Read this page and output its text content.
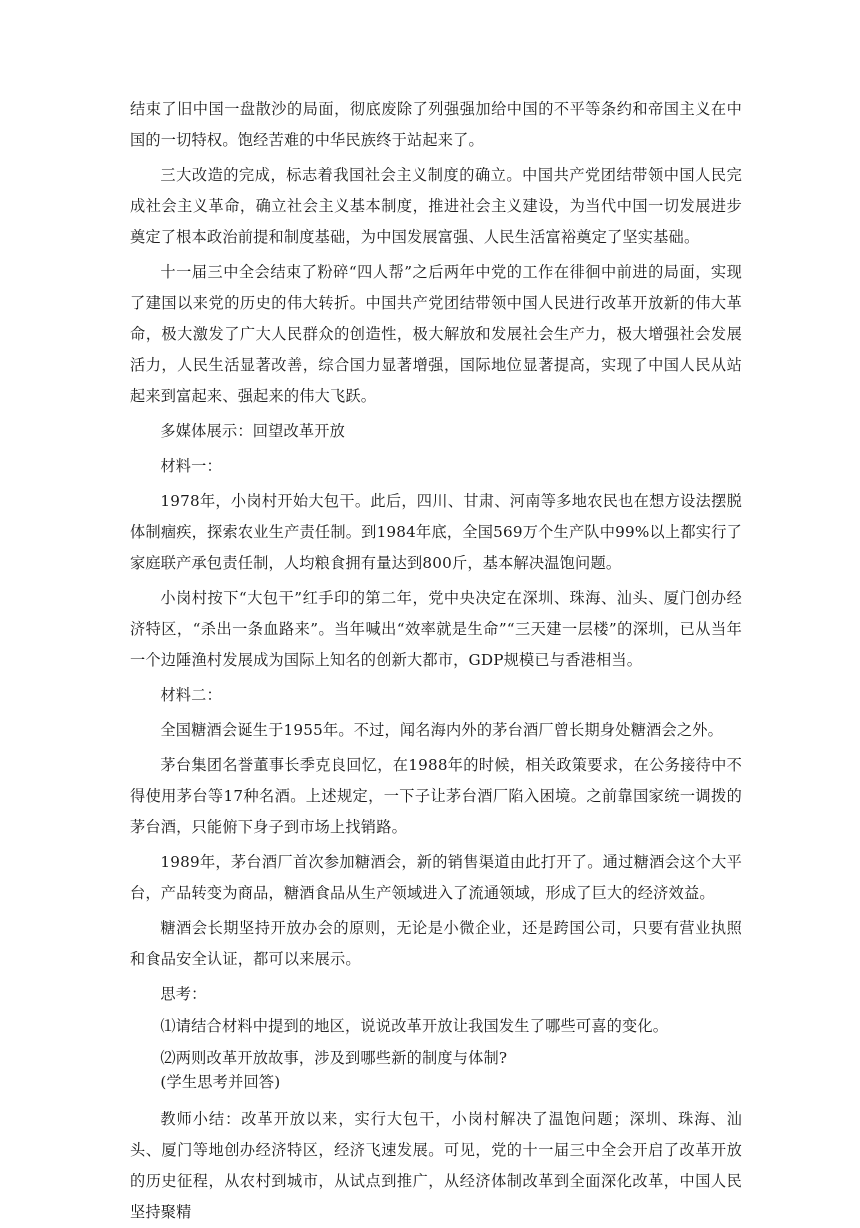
结束了旧中国一盘散沙的局面，彻底废除了列强强加给中国的不平等条约和帝国主义在中国的一切特权。饱经苦难的中华民族终于站起来了。

三大改造的完成，标志着我国社会主义制度的确立。中国共产党团结带领中国人民完成社会主义革命，确立社会主义基本制度，推进社会主义建设，为当代中国一切发展进步奠定了根本政治前提和制度基础，为中国发展富强、人民生活富裕奠定了坚实基础。

十一届三中全会结束了粉碎“四人帮”之后两年中党的工作在徘徊中前进的局面，实现了建国以来党的历史的伟大转折。中国共产党团结带领中国人民进行改革开放新的伟大革命，极大激发了广大人民群众的创造性，极大解放和发展社会生产力，极大增强社会发展活力，人民生活显著改善，综合国力显著增强，国际地位显著提高，实现了中国人民从站起来到富起来、强起来的伟大飞跃。

多媒体展示：回望改革开放

材料一：

1978年，小岗村开始大包干。此后，四川、甘肃、河南等多地农民也在想方设法摆脱体制痼疾，探索农业生产责任制。到1984年底，全国569万个生产队中99%以上都实行了家庭联产承包责任制，人均粮食拥有量达到800斤，基本解决温饱问题。

小岗村按下“大包干”红手印的第二年，党中央决定在深圳、珠海、汕头、厦门创办经济特区，“杀出一条血路来”。当年喊出“效率就是生命”“三天建一层楼”的深圳，已从当年一个边陲渔村发展成为国际上知名的创新大都市，GDP规模已与香港相当。

材料二：

全国糖酒会诞生于1955年。不过，闻名海内外的茅台酒厂曾长期身处糖酒会之外。

茅台集团名誉董事长季克良回忆，在1988年的时候，相关政策要求，在公务接待中不得使用茅台等17种名酒。上述规定，一下子让茅台酒厂陷入困境。之前靠国家统一调拨的茅台酒，只能俯下身子到市场上找销路。

1989年，茅台酒厂首次参加糖酒会，新的销售渠道由此打开了。通过糖酒会这个大平台，产品转变为商品，糖酒食品从生产领域进入了流通领域，形成了巨大的经济效益。

糖酒会长期坚持开放办会的原则，无论是小微企业，还是跨国公司，只要有营业执照和食品安全认证，都可以来展示。

思考：

⑴请结合材料中提到的地区，说说改革开放让我国发生了哪些可喜的变化。

⑵两则改革开放故事，涉及到哪些新的制度与体制?

(学生思考并回答)

教师小结：改革开放以来，实行大包干，小岗村解决了温饱问题；深圳、珠海、汕头、厦门等地创办经济特区，经济飞速发展。可见，党的十一届三中全会开启了改革开放的历史征程，从农村到城市，从试点到推广，从经济体制改革到全面深化改革，中国人民坚持聚精
